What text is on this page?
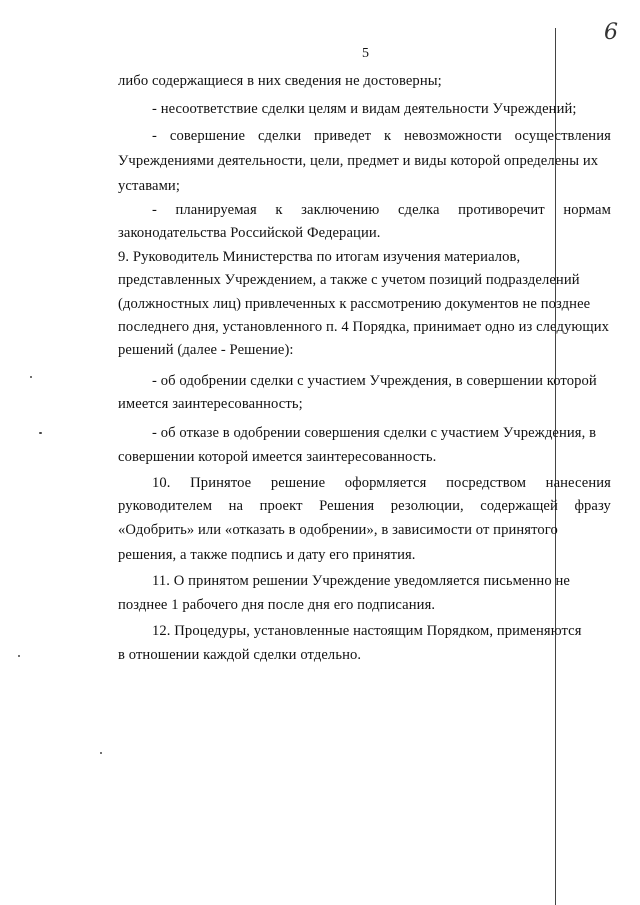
5
6
либо содержащиеся в них сведения не достоверны;
- несоответствие сделки целям и видам деятельности Учреждений;
- совершение сделки приведет к невозможности осуществления
Учреждениями деятельности, цели, предмет и виды которой определены их
уставами;
- планируемая к заключению сделка противоречит нормам
законодательства Российской Федерации.
9. Руководитель Министерства по итогам изучения материалов,
представленных Учреждением, а также с учетом позиций подразделений
(должностных лиц) привлеченных к рассмотрению документов не позднее
последнего дня, установленного п. 4 Порядка, принимает одно из следующих
решений (далее - Решение):
- об одобрении сделки с участием Учреждения, в совершении которой
имеется заинтересованность;
- об отказе в одобрении совершения сделки с участием Учреждения, в
совершении которой имеется заинтересованность.
10. Принятое решение оформляется посредством нанесения
руководителем на проект Решения резолюции, содержащей фразу
«Одобрить» или «отказать в одобрении», в зависимости от принятого
решения, а также подпись и дату его принятия.
11. О принятом решении Учреждение уведомляется письменно не
позднее 1 рабочего дня после дня его подписания.
12. Процедуры, установленные настоящим Порядком, применяются
в отношении каждой сделки отдельно.
